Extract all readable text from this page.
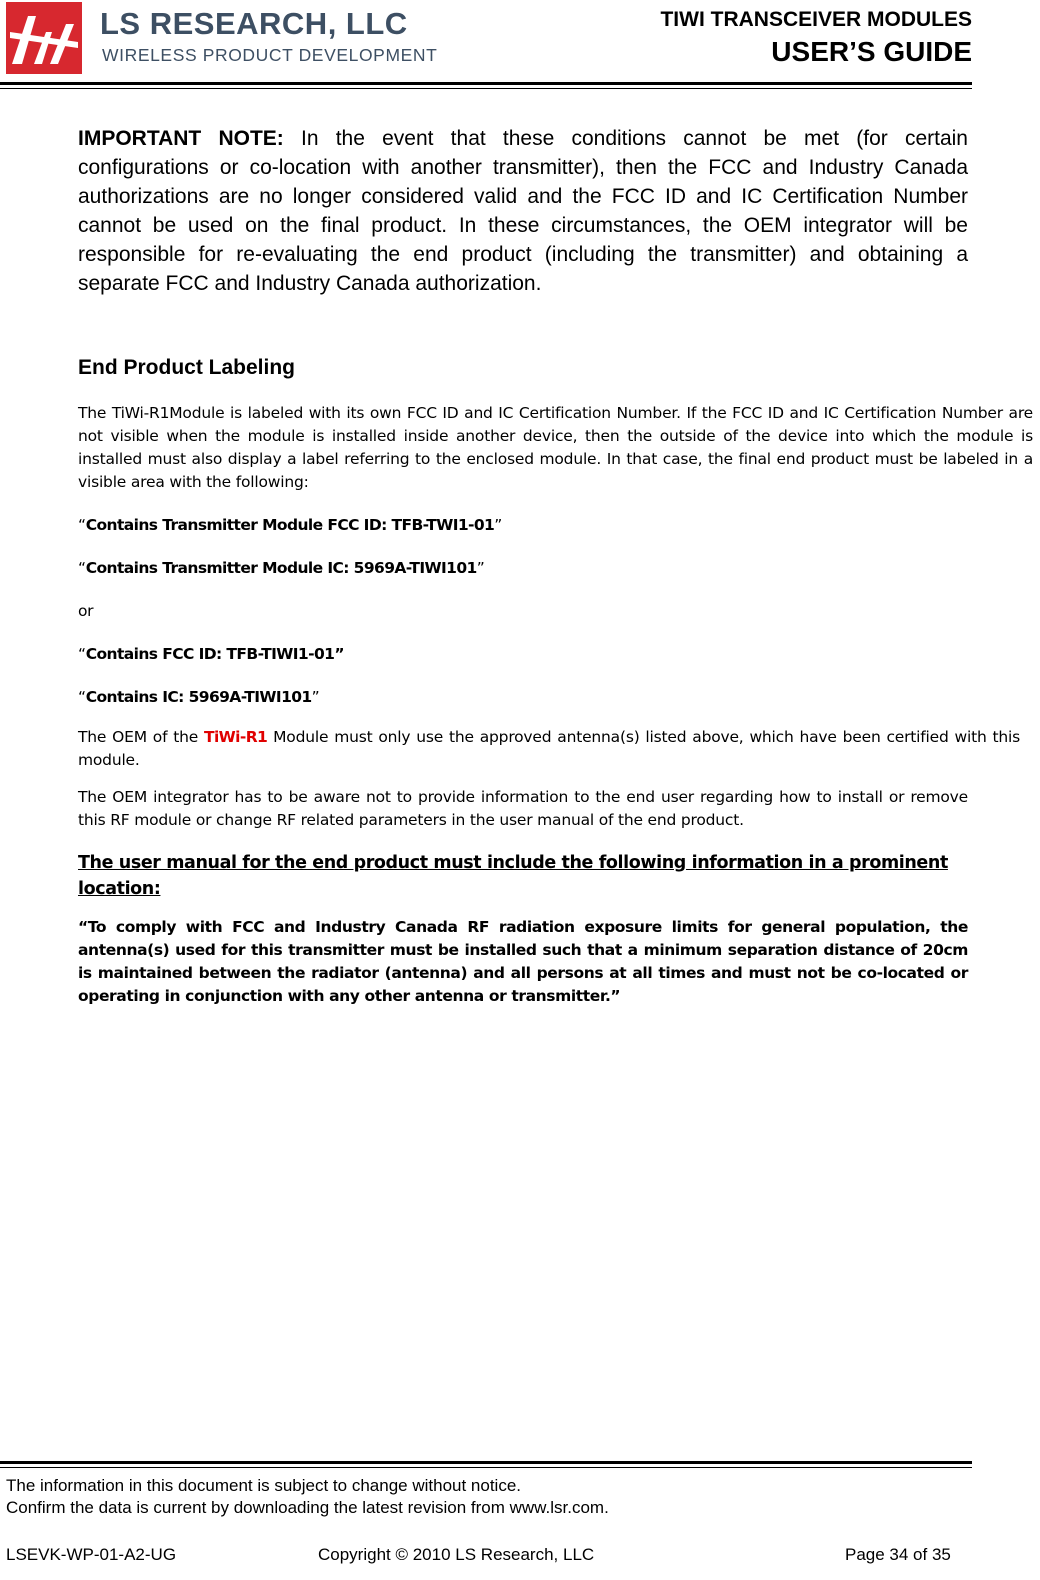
LS RESEARCH, LLC
WIRELESS PRODUCT DEVELOPMENT
TIWI TRANSCEIVER MODULES
USER’S GUIDE

IMPORTANT NOTE: In the event that these conditions cannot be met (for certain configurations or co-location with another transmitter), then the FCC and Industry Canada authorizations are no longer considered valid and the FCC ID and IC Certification Number cannot be used on the final product. In these circumstances, the OEM integrator will be responsible for re-evaluating the end product (including the transmitter) and obtaining a separate FCC and Industry Canada authorization.

End Product Labeling

The TiWi-R1Module is labeled with its own FCC ID and IC Certification Number. If the FCC ID and IC Certification Number are not visible when the module is installed inside another device, then the outside of the device into which the module is installed must also display a label referring to the enclosed module. In that case, the final end product must be labeled in a visible area with the following:

“Contains Transmitter Module FCC ID: TFB-TWI1-01”

“Contains Transmitter Module IC: 5969A-TIWI101”

or

“Contains FCC ID: TFB-TIWI1-01”

“Contains IC: 5969A-TIWI101”

The OEM of the TiWi-R1 Module must only use the approved antenna(s) listed above, which have been certified with this module.

The OEM integrator has to be aware not to provide information to the end user regarding how to install or remove this RF module or change RF related parameters in the user manual of the end product.

The user manual for the end product must include the following information in a prominent location:

“To comply with FCC and Industry Canada RF radiation exposure limits for general population, the antenna(s) used for this transmitter must be installed such that a minimum separation distance of 20cm is maintained between the radiator (antenna) and all persons at all times and must not be co-located or operating in conjunction with any other antenna or transmitter.”

The information in this document is subject to change without notice.
Confirm the data is current by downloading the latest revision from www.lsr.com.
LSEVK-WP-01-A2-UG	Copyright © 2010 LS Research, LLC	Page 34 of 35
